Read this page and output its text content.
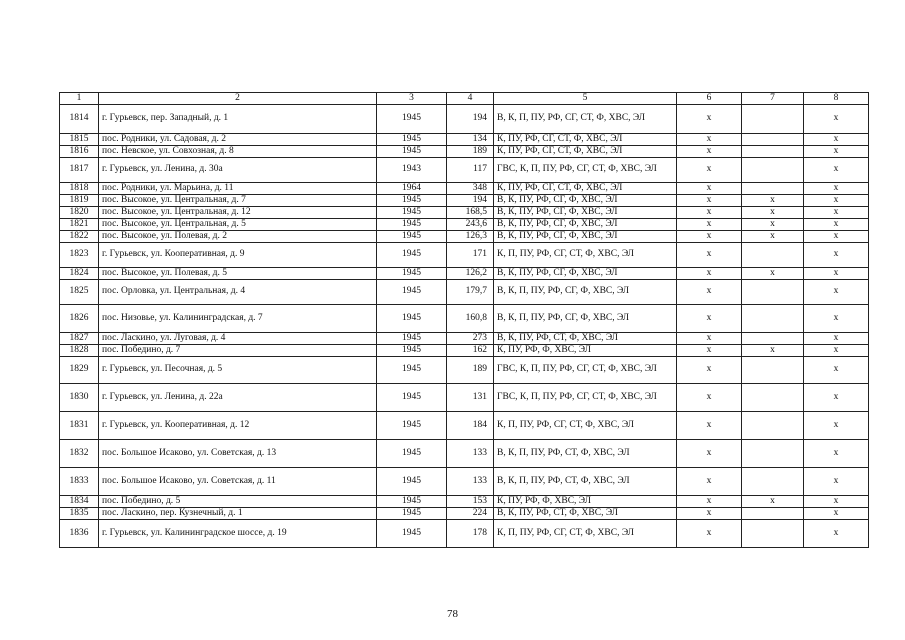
1	2	3	4	5	6	7	8
1814	г. Гурьевск, пер. Западный, д. 1	1945	194	В, К, П, ПУ, РФ, СГ, СТ, Ф, ХВС, ЭЛ	х		х
1815	пос. Родники, ул. Садовая, д. 2	1945	134	К, ПУ, РФ, СГ, СТ, Ф, ХВС, ЭЛ	х		х
1816	пос. Невское, ул. Совхозная, д. 8	1945	189	К, ПУ, РФ, СГ, СТ, Ф, ХВС, ЭЛ	х		х
1817	г. Гурьевск, ул. Ленина, д. 30а	1943	117	ГВС, К, П, ПУ, РФ, СГ, СТ, Ф, ХВС, ЭЛ	х		х
1818	пос. Родники, ул. Марьина, д. 11	1964	348	К, ПУ, РФ, СГ, СТ, Ф, ХВС, ЭЛ	х		х
1819	пос. Высокое, ул. Центральная, д. 7	1945	194	В, К, ПУ, РФ, СГ, Ф, ХВС, ЭЛ	х	х	х
1820	пос. Высокое, ул. Центральная, д. 12	1945	168,5	В, К, ПУ, РФ, СГ, Ф, ХВС, ЭЛ	х	х	х
1821	пос. Высокое, ул. Центральная, д. 5	1945	243,6	В, К, ПУ, РФ, СГ, Ф, ХВС, ЭЛ	х	х	х
1822	пос. Высокое, ул. Полевая, д. 2	1945	126,3	В, К, ПУ, РФ, СГ, Ф, ХВС, ЭЛ	х	х	х
1823	г. Гурьевск, ул. Кооперативная, д. 9	1945	171	К, П, ПУ, РФ, СГ, СТ, Ф, ХВС, ЭЛ	х		х
1824	пос. Высокое, ул. Полевая, д. 5	1945	126,2	В, К, ПУ, РФ, СГ, Ф, ХВС, ЭЛ	х	х	х
1825	пос. Орловка, ул. Центральная, д. 4	1945	179,7	В, К, П, ПУ, РФ, СГ, Ф, ХВС, ЭЛ	х		х
1826	пос. Низовье, ул. Калининградская, д. 7	1945	160,8	В, К, П, ПУ, РФ, СГ, Ф, ХВС, ЭЛ	х		х
1827	пос. Ласкино, ул. Луговая, д. 4	1945	273	В, К, ПУ, РФ, СТ, Ф, ХВС, ЭЛ	х		х
1828	пос. Победино, д. 7	1945	162	К, ПУ, РФ, Ф, ХВС, ЭЛ	х	х	х
1829	г. Гурьевск, ул. Песочная, д. 5	1945	189	ГВС, К, П, ПУ, РФ, СГ, СТ, Ф, ХВС, ЭЛ	х		х
1830	г. Гурьевск, ул. Ленина, д. 22а	1945	131	ГВС, К, П, ПУ, РФ, СГ, СТ, Ф, ХВС, ЭЛ	х		х
1831	г. Гурьевск, ул. Кооперативная, д. 12	1945	184	К, П, ПУ, РФ, СГ, СТ, Ф, ХВС, ЭЛ	х		х
1832	пос. Большое Исаково, ул. Советская, д. 13	1945	133	В, К, П, ПУ, РФ, СТ, Ф, ХВС, ЭЛ	х		х
1833	пос. Большое Исаково, ул. Советская, д. 11	1945	133	В, К, П, ПУ, РФ, СТ, Ф, ХВС, ЭЛ	х		х
1834	пос. Победино, д. 5	1945	153	К, ПУ, РФ, Ф, ХВС, ЭЛ	х	х	х
1835	пос. Ласкино, пер. Кузнечный, д. 1	1945	224	В, К, ПУ, РФ, СТ, Ф, ХВС, ЭЛ	х		х
1836	г. Гурьевск, ул. Калининградское шоссе, д. 19	1945	178	К, П, ПУ, РФ, СГ, СТ, Ф, ХВС, ЭЛ	х		х
78
